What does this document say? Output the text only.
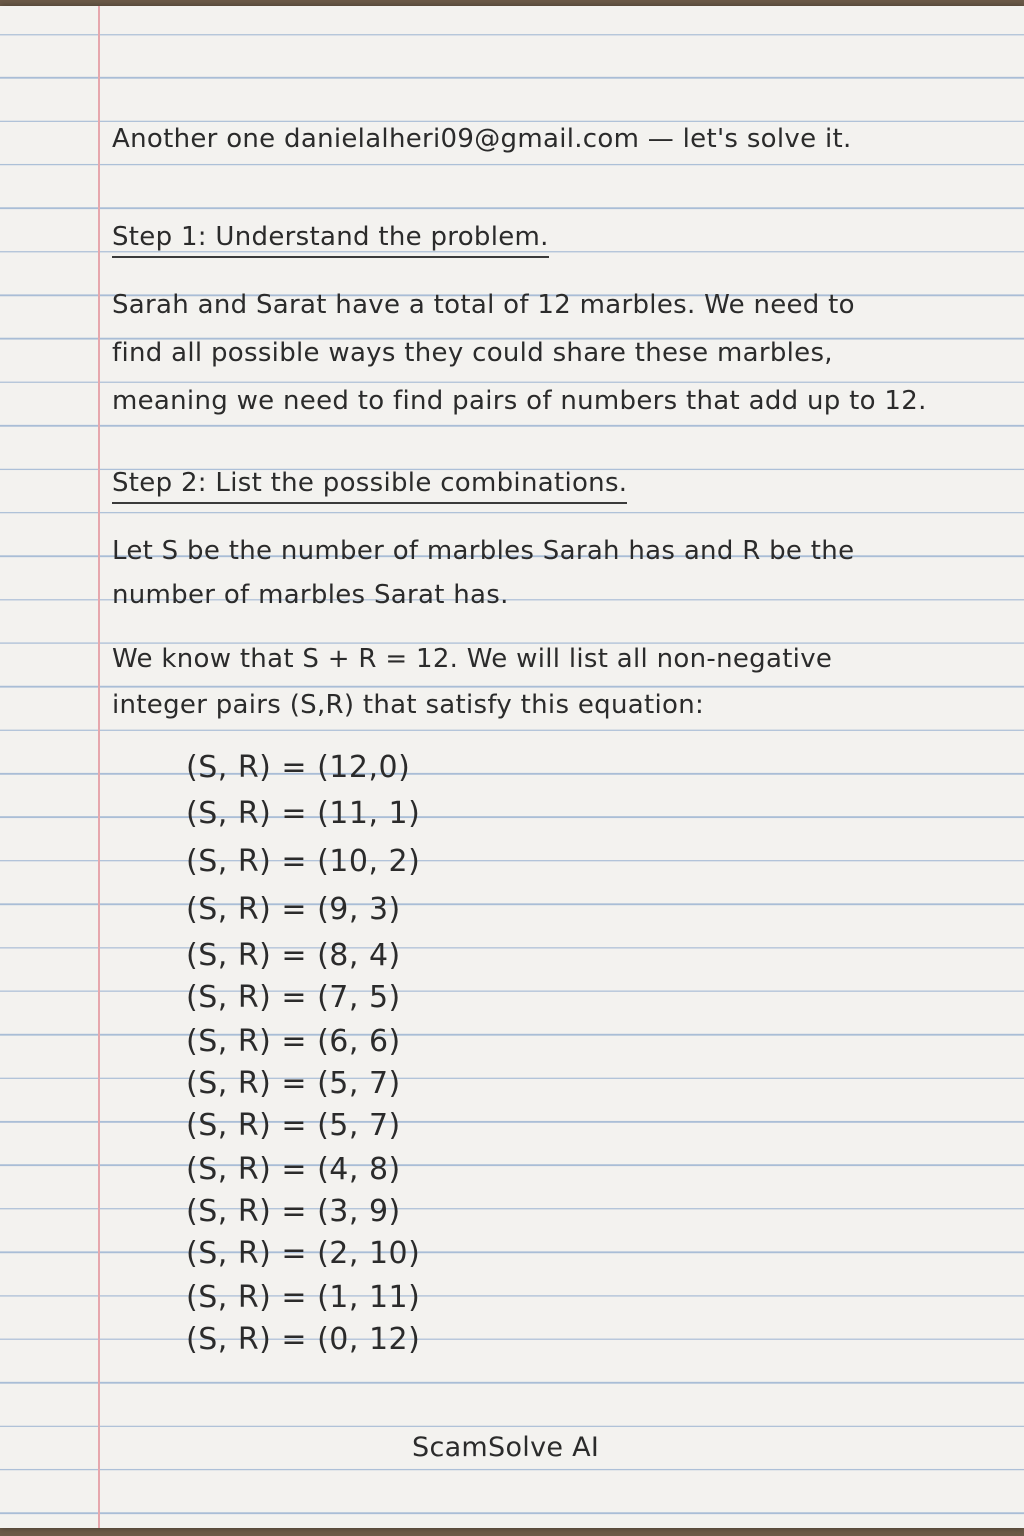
Another one danielalheri09@gmail.com — let's solve it.
Step 1: Understand the problem.
Sarah and Sarat have a total of 12 marbles. We need to
find all possible ways they could share these marbles,
meaning we need to find pairs of numbers that add up to 12.
Step 2: List the possible combinations.
Let S be the number of marbles Sarah has and R be the
number of marbles Sarat has.
We know that S + R = 12. We will list all non-negative
integer pairs (S,R) that satisfy this equation:
(S, R) = (12,0)
(S, R) = (11, 1)
(S, R) = (10, 2)
(S, R) = (9, 3)
(S, R) = (8, 4)
(S, R) = (7, 5)
(S, R) = (6, 6)
(S, R) = (5, 7)
(S, R) = (5, 7)
(S, R) = (4, 8)
(S, R) = (3, 9)
(S, R) = (2, 10)
(S, R) = (1, 11)
(S, R) = (0, 12)
ScamSolve AI
